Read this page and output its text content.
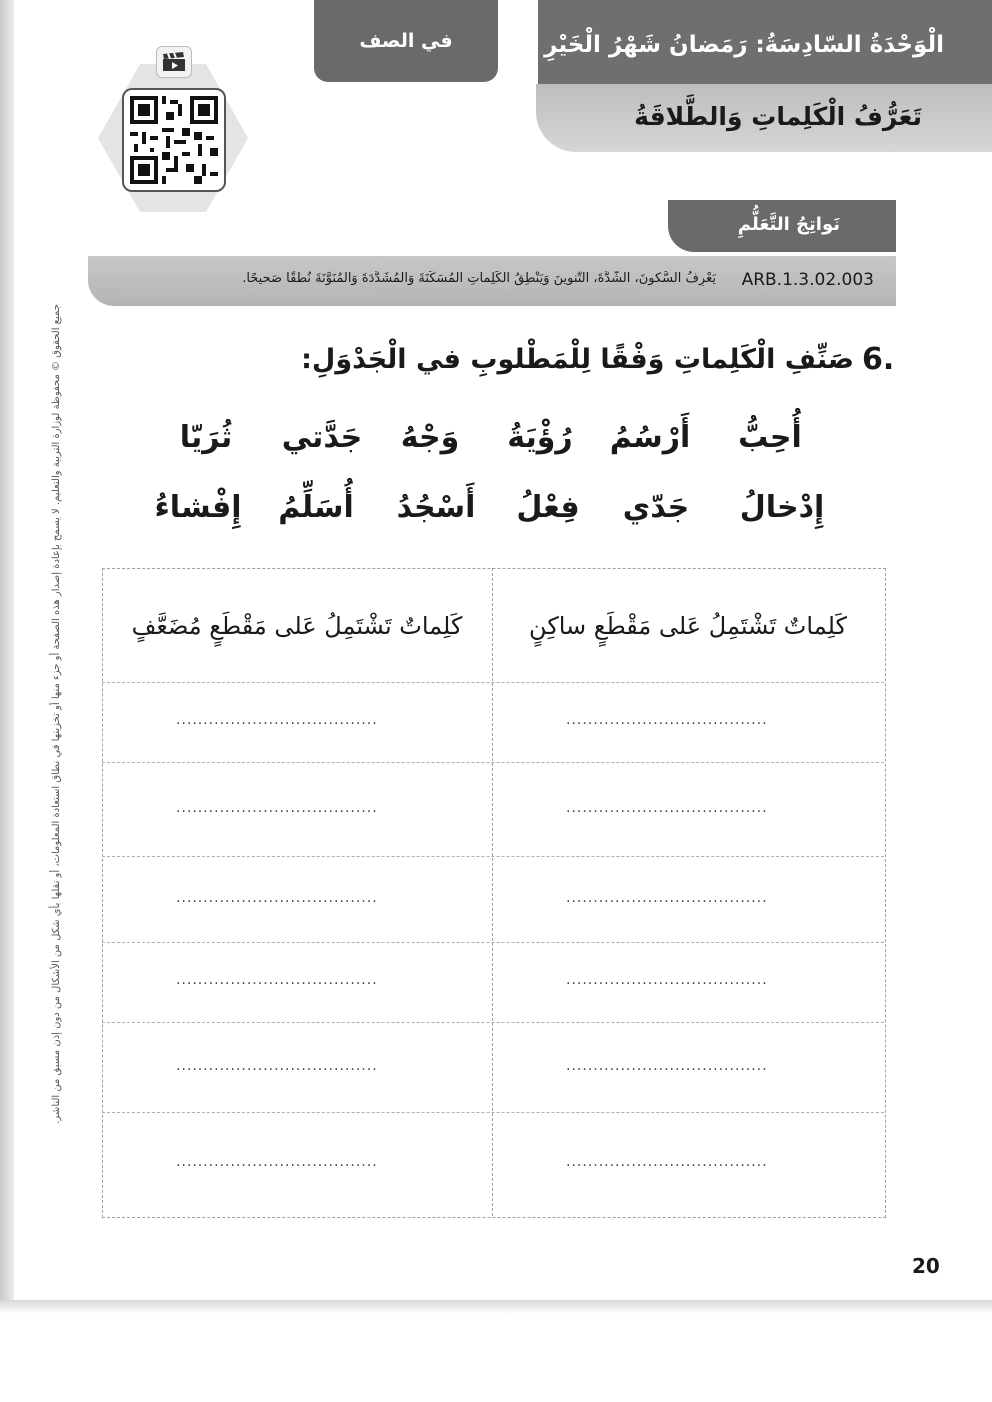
في الصف	الْوَحْدَةُ السّادِسَةُ: رَمَضانُ شَهْرُ الْخَيْرِ
تَعَرُّفُ الْكَلِماتِ وَالطَّلاقَةُ
نَواتِجُ التَّعَلُّمِ
ARB.1.3.02.003
يَعْرِفُ السُّكونَ، الشَّدَّةَ، التَّنوينَ وَيَنْطِقُ الْكَلِماتِ الْمُسَكَّنَةَ وَالْمُشَدَّدَةَ وَالْمُنَوَّنَةَ نُطْقًا صَحيحًا.
جميع الحقوق © محفوظة لوزارة التربية والتعليم. لا يسمح بإعادة إصدار هذه الصفحة أو جزء منها أو تخزينها في نطاق استعادة المعلومات، أو نقلها بأي شكل من الأشكال من دون إذن مسبق من الناشر.	6.
صَنِّفِ الْكَلِماتِ وَفْقًا لِلْمَطْلوبِ في الْجَدْوَلِ:
أُحِبُّ
أَرْسُمُ
رُؤْيَةُ
وَجْهُ
جَدَّتي
ثُرَيّا
إِدْخالُ
جَدّي
فِعْلُ
أَسْجُدُ
أُسَلِّمُ
إِفْشاءُ
كَلِماتٌ تَشْتَمِلُ عَلى مَقْطَعٍ ساكِنٍ
كَلِماتٌ تَشْتَمِلُ عَلى مَقْطَعٍ مُضَعَّفٍ
.....................................
.....................................
.....................................
.....................................
.....................................
.....................................
.....................................
.....................................
.....................................
.....................................
.....................................
.....................................
20
